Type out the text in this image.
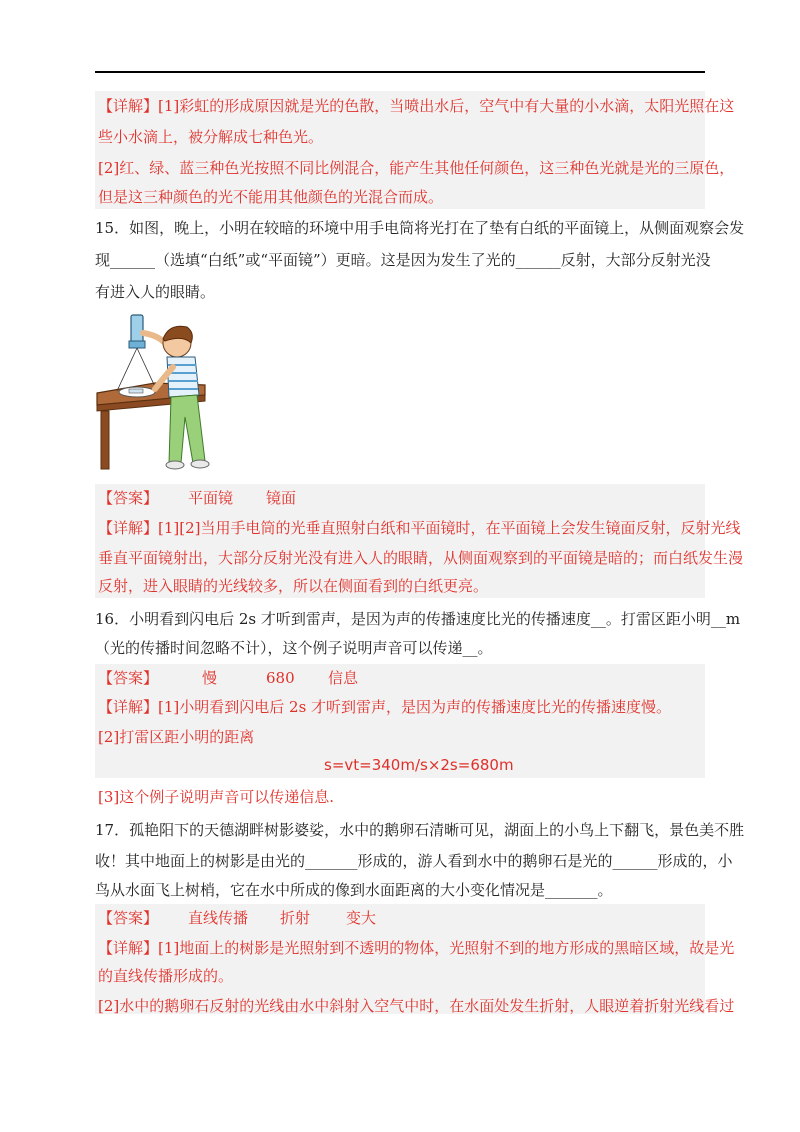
【详解】[1]彩虹的形成原因就是光的色散，当喷出水后，空气中有大量的小水滴，太阳光照在这
些小水滴上，被分解成七种色光。
[2]红、绿、蓝三种色光按照不同比例混合，能产生其他任何颜色，这三种色光就是光的三原色，
但是这三种颜色的光不能用其他颜色的光混合而成。
15．如图，晚上，小明在较暗的环境中用手电筒将光打在了垫有白纸的平面镜上，从侧面观察会发
现______（选填“白纸”或“平面镜”）更暗。这是因为发生了光的______反射，大部分反射光没
有进入人的眼睛。
【答案】 平面镜 镜面
【详解】[1][2]当用手电筒的光垂直照射白纸和平面镜时，在平面镜上会发生镜面反射，反射光线
垂直平面镜射出，大部分反射光没有进入人的眼睛，从侧面观察到的平面镜是暗的；而白纸发生漫
反射，进入眼睛的光线较多，所以在侧面看到的白纸更亮。
16．小明看到闪电后 2s 才听到雷声，是因为声的传播速度比光的传播速度__。打雷区距小明__m
（光的传播时间忽略不计），这个例子说明声音可以传递__。
【答案】	慢	680 信息
【详解】[1]小明看到闪电后 2s 才听到雷声，是因为声的传播速度比光的传播速度慢。
[2]打雷区距小明的距离
s=vt=340m/s×2s=680m
[3]这个例子说明声音可以传递信息.
17．孤艳阳下的天德湖畔树影婆娑，水中的鹅卵石清晰可见，湖面上的小鸟上下翻飞，景色美不胜
收！其中地面上的树影是由光的_______形成的，游人看到水中的鹅卵石是光的______形成的，小
鸟从水面飞上树梢，它在水中所成的像到水面距离的大小变化情况是_______。
【答案】 直线传播 折射 变大
【详解】[1]地面上的树影是光照射到不透明的物体，光照射不到的地方形成的黑暗区域，故是光
的直线传播形成的。
[2]水中的鹅卵石反射的光线由水中斜射入空气中时，在水面处发生折射，人眼逆着折射光线看过
